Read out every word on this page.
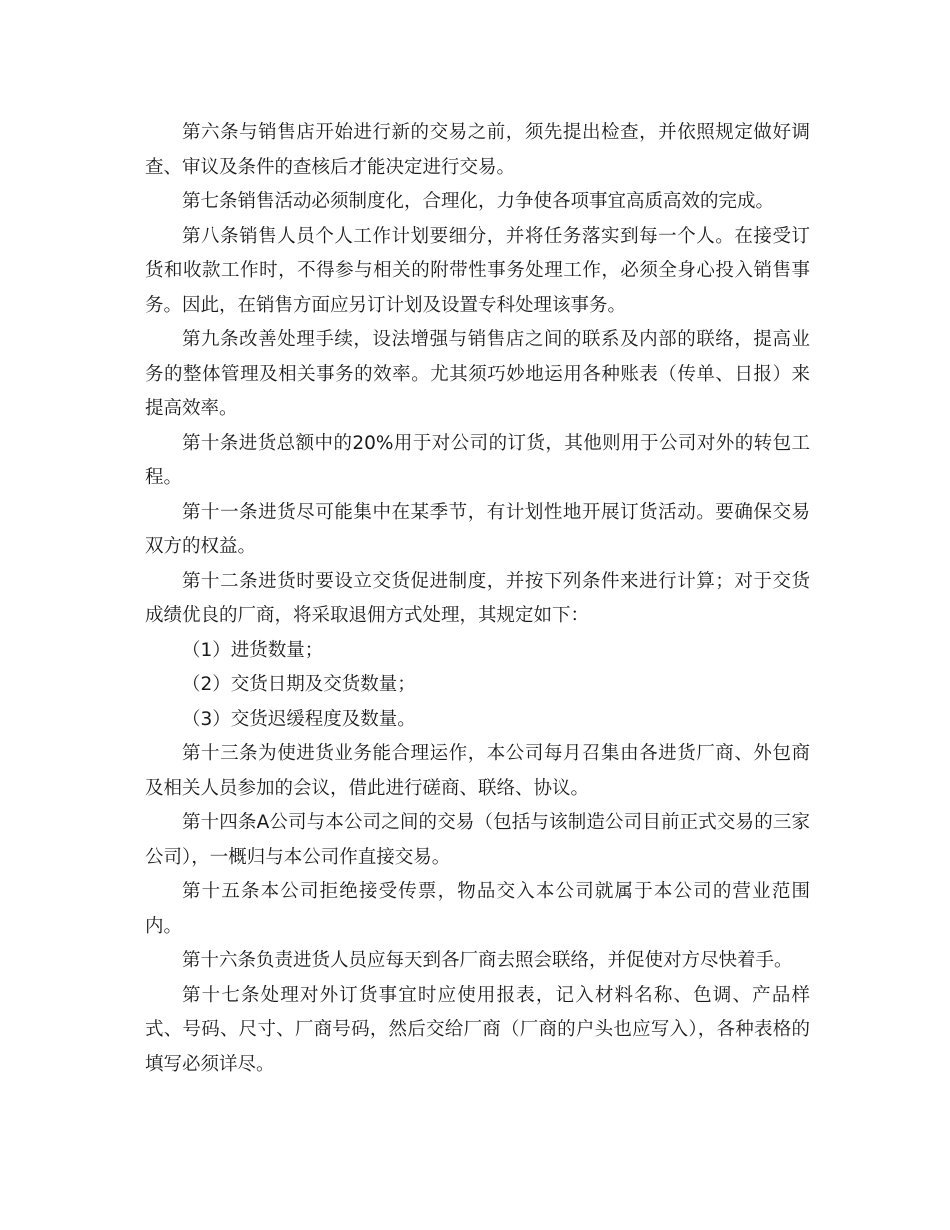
第六条与销售店开始进行新的交易之前，须先提出检查，并依照规定做好调查、审议及条件的查核后才能决定进行交易。

第七条销售活动必须制度化，合理化，力争使各项事宜高质高效的完成。

第八条销售人员个人工作计划要细分，并将任务落实到每一个人。在接受订货和收款工作时，不得参与相关的附带性事务处理工作，必须全身心投入销售事务。因此，在销售方面应另订计划及设置专科处理该事务。

第九条改善处理手续，设法增强与销售店之间的联系及内部的联络，提高业务的整体管理及相关事务的效率。尤其须巧妙地运用各种账表（传单、日报）来提高效率。

第十条进货总额中的20%用于对公司的订货，其他则用于公司对外的转包工程。

第十一条进货尽可能集中在某季节，有计划性地开展订货活动。要确保交易双方的权益。

第十二条进货时要设立交货促进制度，并按下列条件来进行计算；对于交货成绩优良的厂商，将采取退佣方式处理，其规定如下：

（1）进货数量；

（2）交货日期及交货数量；

（3）交货迟缓程度及数量。

第十三条为使进货业务能合理运作，本公司每月召集由各进货厂商、外包商及相关人员参加的会议，借此进行磋商、联络、协议。

第十四条A公司与本公司之间的交易（包括与该制造公司目前正式交易的三家公司），一概归与本公司作直接交易。

第十五条本公司拒绝接受传票，物品交入本公司就属于本公司的营业范围内。

第十六条负责进货人员应每天到各厂商去照会联络，并促使对方尽快着手。

第十七条处理对外订货事宜时应使用报表，记入材料名称、色调、产品样式、号码、尺寸、厂商号码，然后交给厂商（厂商的户头也应写入），各种表格的填写必须详尽。
